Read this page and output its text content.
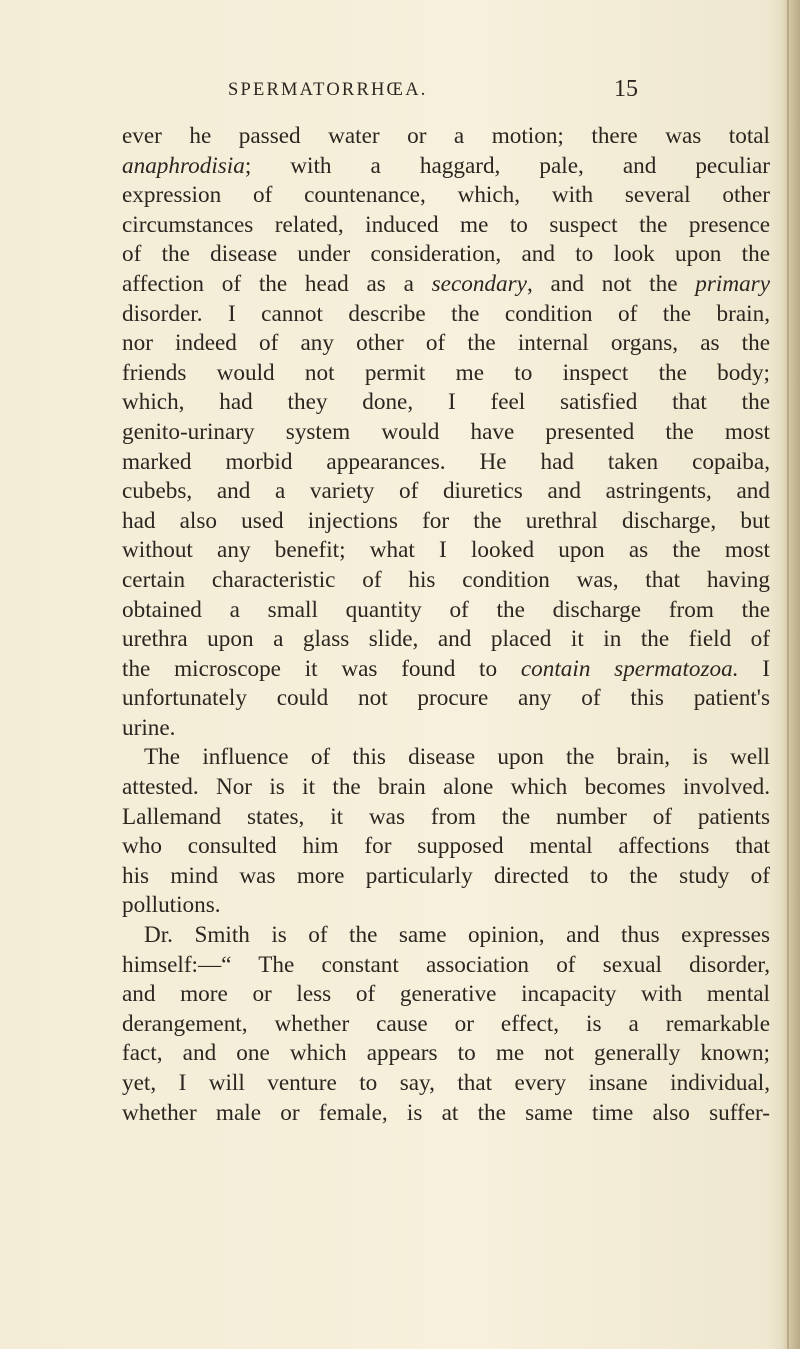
SPERMATORRHŒA.	15
ever he passed water or a motion; there was total
anaphrodisia; with a haggard, pale, and peculiar
expression of countenance, which, with several other
circumstances related, induced me to suspect the presence
of the disease under consideration, and to look upon the
affection of the head as a secondary, and not the primary
disorder. I cannot describe the condition of the brain,
nor indeed of any other of the internal organs, as the
friends would not permit me to inspect the body;
which, had they done, I feel satisfied that the
genito-urinary system would have presented the most
marked morbid appearances. He had taken copaiba,
cubebs, and a variety of diuretics and astringents, and
had also used injections for the urethral discharge, but
without any benefit; what I looked upon as the most
certain characteristic of his condition was, that having
obtained a small quantity of the discharge from the
urethra upon a glass slide, and placed it in the field of
the microscope it was found to contain spermatozoa. I
unfortunately could not procure any of this patient's
urine.
The influence of this disease upon the brain, is well
attested. Nor is it the brain alone which becomes involved.
Lallemand states, it was from the number of patients
who consulted him for supposed mental affections that
his mind was more particularly directed to the study of
pollutions.
Dr. Smith is of the same opinion, and thus expresses
himself:—“ The constant association of sexual disorder,
and more or less of generative incapacity with mental
derangement, whether cause or effect, is a remarkable
fact, and one which appears to me not generally known;
yet, I will venture to say, that every insane individual,
whether male or female, is at the same time also suffer-
